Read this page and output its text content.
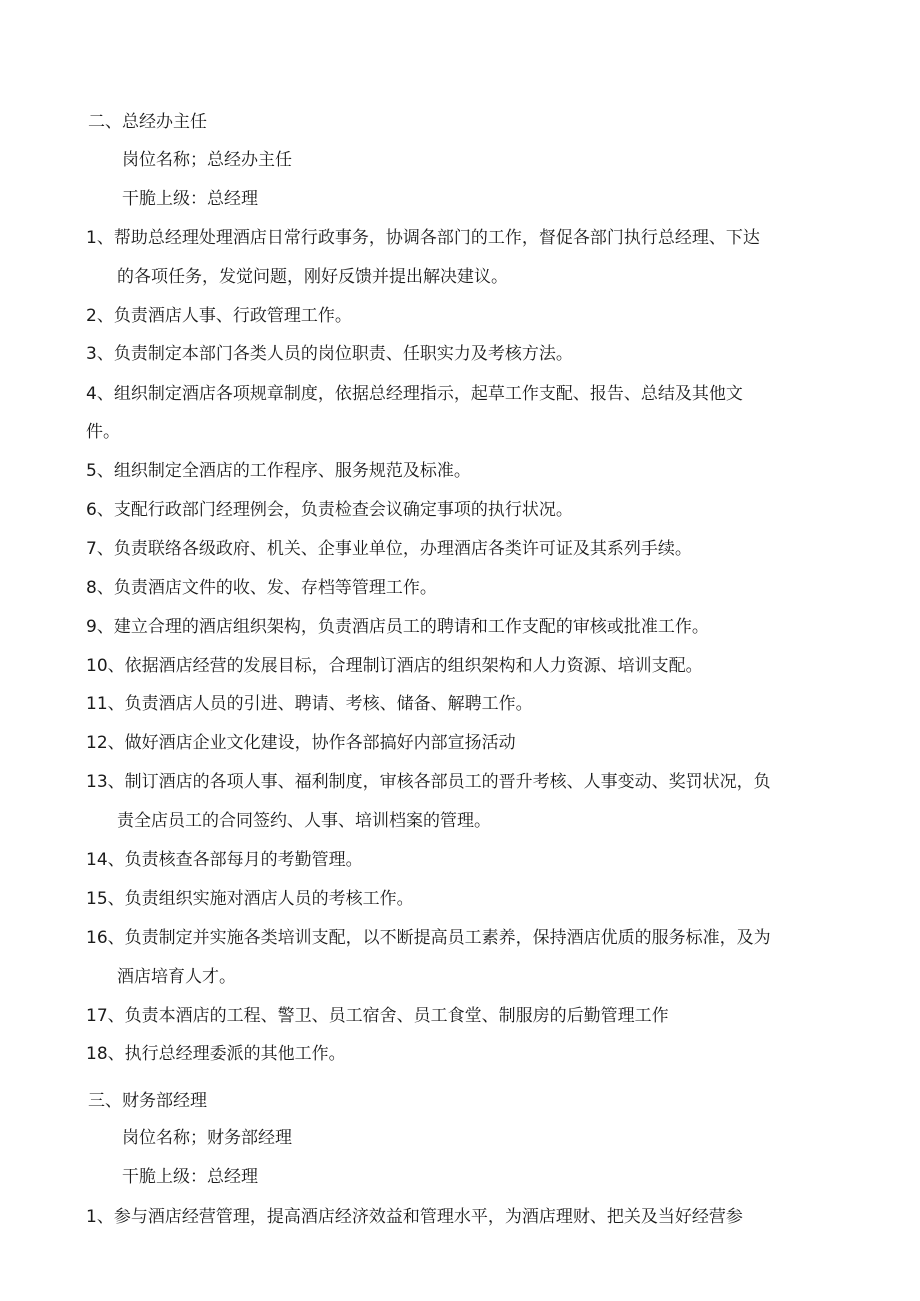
二、总经办主任
岗位名称；总经办主任
干脆上级：总经理
1、帮助总经理处理酒店日常行政事务，协调各部门的工作，督促各部门执行总经理、下达
的各项任务，发觉问题，刚好反馈并提出解决建议。
2、负责酒店人事、行政管理工作。
3、负责制定本部门各类人员的岗位职责、任职实力及考核方法。
4、组织制定酒店各项规章制度，依据总经理指示，起草工作支配、报告、总结及其他文
件。
5、组织制定全酒店的工作程序、服务规范及标准。
6、支配行政部门经理例会，负责检查会议确定事项的执行状况。
7、负责联络各级政府、机关、企事业单位，办理酒店各类许可证及其系列手续。
8、负责酒店文件的收、发、存档等管理工作。
9、建立合理的酒店组织架构，负责酒店员工的聘请和工作支配的审核或批准工作。
10、依据酒店经营的发展目标，合理制订酒店的组织架构和人力资源、培训支配。
11、负责酒店人员的引进、聘请、考核、储备、解聘工作。
12、做好酒店企业文化建设，协作各部搞好内部宣扬活动
13、制订酒店的各项人事、福利制度，审核各部员工的晋升考核、人事变动、奖罚状况，负
责全店员工的合同签约、人事、培训档案的管理。
14、负责核查各部每月的考勤管理。
15、负责组织实施对酒店人员的考核工作。
16、负责制定并实施各类培训支配，以不断提高员工素养，保持酒店优质的服务标准，及为
酒店培育人才。
17、负责本酒店的工程、警卫、员工宿舍、员工食堂、制服房的后勤管理工作
18、执行总经理委派的其他工作。
三、财务部经理
岗位名称；财务部经理
干脆上级：总经理
1、参与酒店经营管理，提高酒店经济效益和管理水平，为酒店理财、把关及当好经营参
